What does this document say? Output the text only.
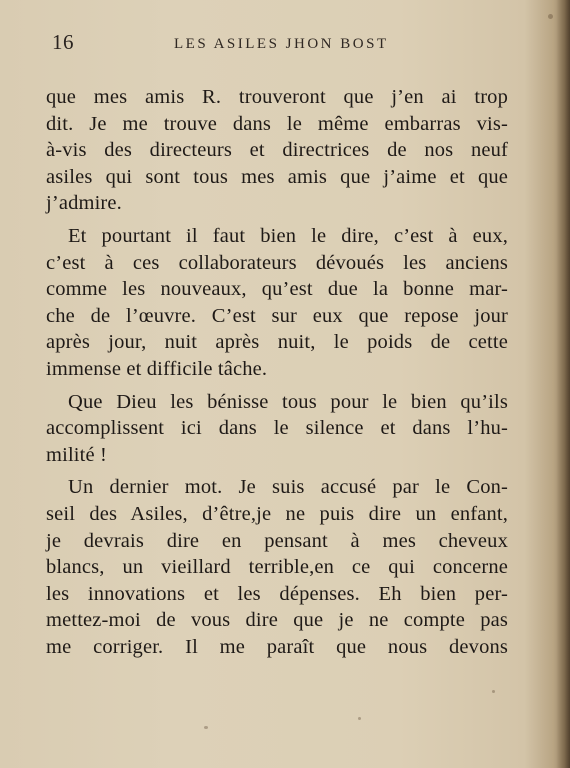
16	LES ASILES JHON BOST

que mes amis R. trouveront que j’en ai trop
dit. Je me trouve dans le même embarras vis-
à-vis des directeurs et directrices de nos neuf
asiles qui sont tous mes amis que j’aime et que
j’admire.

Et pourtant il faut bien le dire, c’est à eux,
c’est à ces collaborateurs dévoués les anciens
comme les nouveaux, qu’est due la bonne mar-
che de l’œuvre. C’est sur eux que repose jour
après jour, nuit après nuit, le poids de cette
immense et difficile tâche.

Que Dieu les bénisse tous pour le bien qu’ils
accomplissent ici dans le silence et dans l’hu-
milité !

Un dernier mot. Je suis accusé par le Con-
seil des Asiles, d’être,je ne puis dire un enfant,
je devrais dire en pensant à mes cheveux
blancs, un vieillard terrible,en ce qui concerne
les innovations et les dépenses. Eh bien per-
mettez-moi de vous dire que je ne compte pas
me corriger. Il me paraît que nous devons
